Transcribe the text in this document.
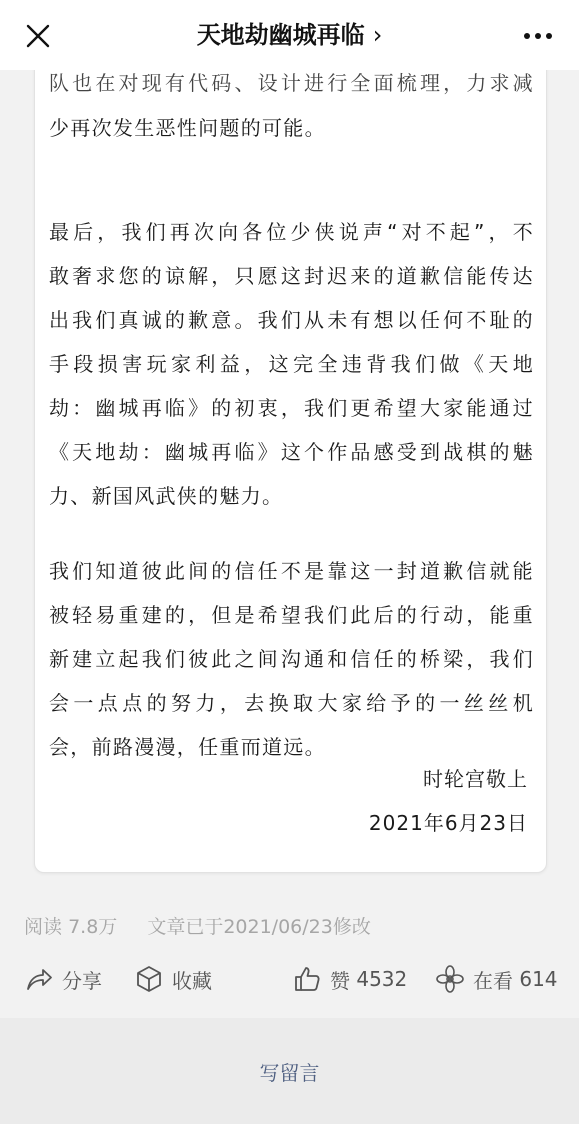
天地劫幽城再临 ›
队也在对现有代码、设计进行全面梳理，力求减
少再次发生恶性问题的可能。
最后，我们再次向各位少侠说声“对不起”，不
敢奢求您的谅解，只愿这封迟来的道歉信能传达
出我们真诚的歉意。我们从未有想以任何不耻的
手段损害玩家利益，这完全违背我们做《天地
劫：幽城再临》的初衷，我们更希望大家能通过
《天地劫：幽城再临》这个作品感受到战棋的魅
力、新国风武侠的魅力。
我们知道彼此间的信任不是靠这一封道歉信就能
被轻易重建的，但是希望我们此后的行动，能重
新建立起我们彼此之间沟通和信任的桥梁，我们
会一点点的努力，去换取大家给予的一丝丝机
会，前路漫漫，任重而道远。
时轮宫敬上
2021年6月23日
阅读 7.8万 文章已于2021/06/23修改
分享	收藏	赞
4532	在看
614
写留言
